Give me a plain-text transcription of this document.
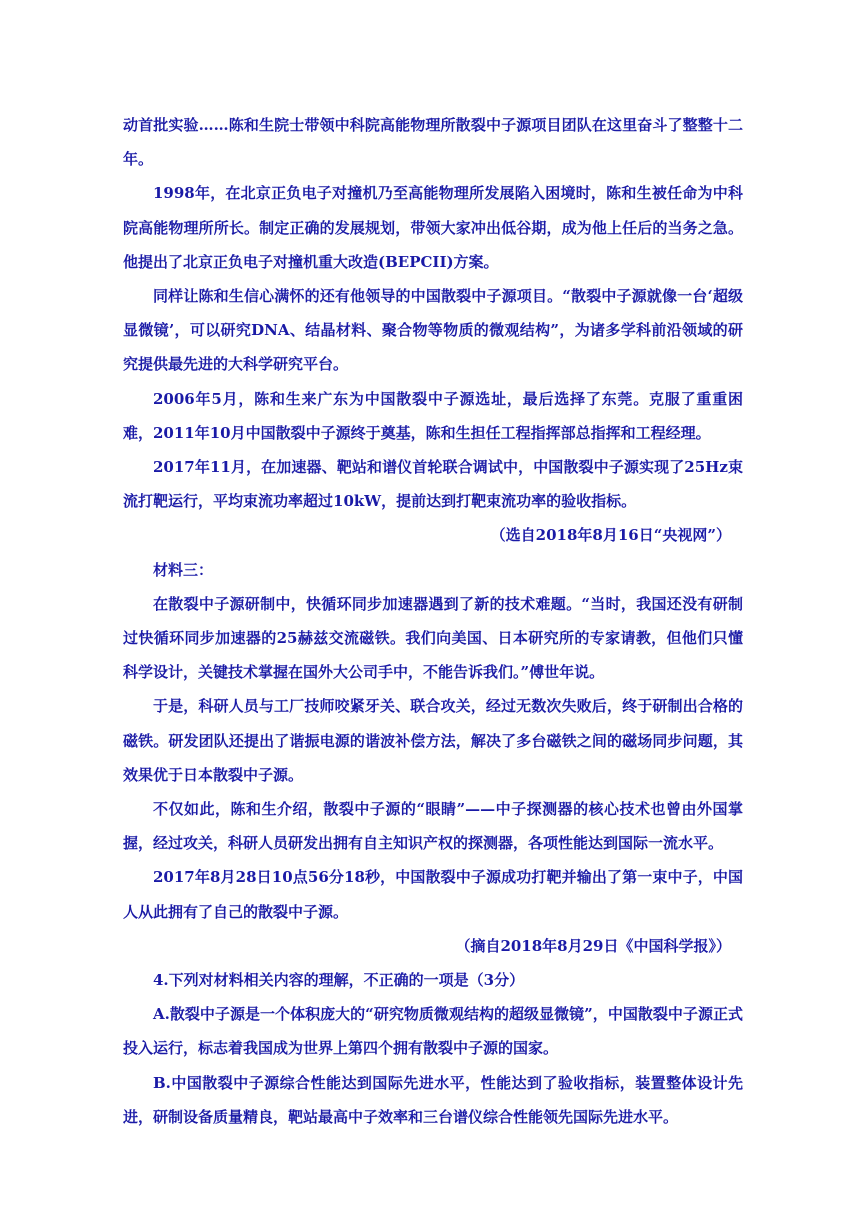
动首批实验……陈和生院士带领中科院高能物理所散裂中子源项目团队在这里奋斗了整整十二年。

1998年，在北京正负电子对撞机乃至高能物理所发展陷入困境时，陈和生被任命为中科院高能物理所所长。制定正确的发展规划，带领大家冲出低谷期，成为他上任后的当务之急。他提出了北京正负电子对撞机重大改造(BEPCII)方案。

同样让陈和生信心满怀的还有他领导的中国散裂中子源项目。“散裂中子源就像一台‘超级显微镜’，可以研究DNA、结晶材料、聚合物等物质的微观结构”，为诸多学科前沿领域的研究提供最先进的大科学研究平台。

2006年5月，陈和生来广东为中国散裂中子源选址，最后选择了东莞。克服了重重困难，2011年10月中国散裂中子源终于奠基，陈和生担任工程指挥部总指挥和工程经理。

2017年11月，在加速器、靶站和谱仪首轮联合调试中，中国散裂中子源实现了25Hz束流打靶运行，平均束流功率超过10kW，提前达到打靶束流功率的验收指标。

（选自2018年8月16日“央视网”）

材料三：

在散裂中子源研制中，快循环同步加速器遇到了新的技术难题。“当时，我国还没有研制过快循环同步加速器的25赫兹交流磁铁。我们向美国、日本研究所的专家请教，但他们只懂科学设计，关键技术掌握在国外大公司手中，不能告诉我们。”傅世年说。

于是，科研人员与工厂技师咬紧牙关、联合攻关，经过无数次失败后，终于研制出合格的磁铁。研发团队还提出了谐振电源的谐波补偿方法，解决了多台磁铁之间的磁场同步问题，其效果优于日本散裂中子源。

不仅如此，陈和生介绍，散裂中子源的“眼睛”——中子探测器的核心技术也曾由外国掌握，经过攻关，科研人员研发出拥有自主知识产权的探测器，各项性能达到国际一流水平。

2017年8月28日10点56分18秒，中国散裂中子源成功打靶并输出了第一束中子，中国人从此拥有了自己的散裂中子源。

（摘自2018年8月29日《中国科学报》）

4.下列对材料相关内容的理解，不正确的一项是（3分）

A.散裂中子源是一个体积庞大的“研究物质微观结构的超级显微镜”，中国散裂中子源正式投入运行，标志着我国成为世界上第四个拥有散裂中子源的国家。

B.中国散裂中子源综合性能达到国际先进水平，性能达到了验收指标，装置整体设计先进，研制设备质量精良，靶站最高中子效率和三台谱仪综合性能领先国际先进水平。
